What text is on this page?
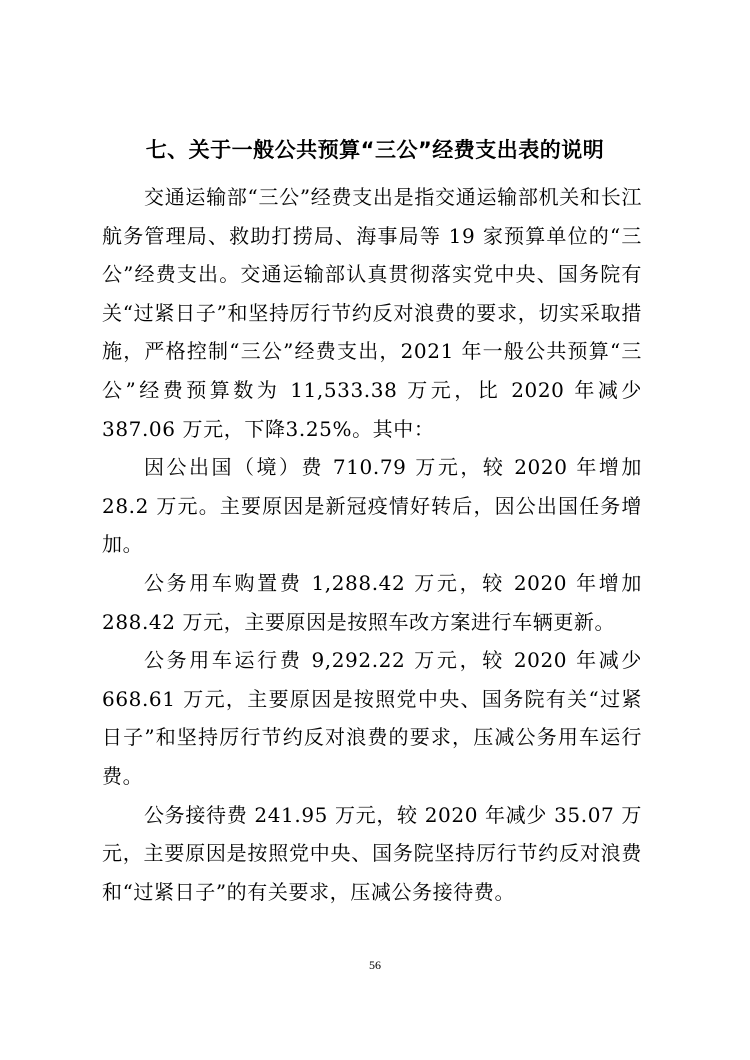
七、关于一般公共预算“三公”经费支出表的说明

交通运输部“三公”经费支出是指交通运输部机关和长江航务管理局、救助打捞局、海事局等 19 家预算单位的“三公”经费支出。交通运输部认真贯彻落实党中央、国务院有关“过紧日子”和坚持厉行节约反对浪费的要求，切实采取措施，严格控制“三公”经费支出，2021 年一般公共预算“三公”经费预算数为 11,533.38 万元，比 2020 年减少 387.06 万元，下降3.25%。其中：

因公出国（境）费 710.79 万元，较 2020 年增加 28.2 万元。主要原因是新冠疫情好转后，因公出国任务增加。

公务用车购置费 1,288.42 万元，较 2020 年增加 288.42 万元，主要原因是按照车改方案进行车辆更新。

公务用车运行费 9,292.22 万元，较 2020 年减少 668.61 万元，主要原因是按照党中央、国务院有关“过紧日子”和坚持厉行节约反对浪费的要求，压减公务用车运行费。

公务接待费 241.95 万元，较 2020 年减少 35.07 万元，主要原因是按照党中央、国务院坚持厉行节约反对浪费和“过紧日子”的有关要求，压减公务接待费。

56
